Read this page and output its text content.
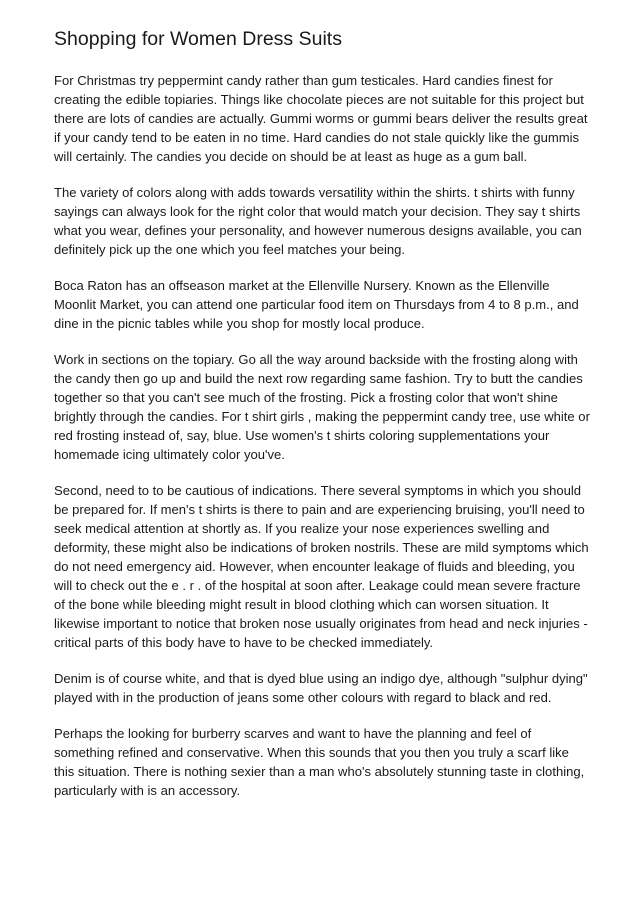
Shopping for Women Dress Suits

For Christmas try peppermint candy rather than gum testicales. Hard candies finest for
creating the edible topiaries. Things like chocolate pieces are not suitable for this project but
there are lots of candies are actually. Gummi worms or gummi bears deliver the results great
if your candy tend to be eaten in no time. Hard candies do not stale quickly like the gummis
will certainly. The candies you decide on should be at least as huge as a gum ball.

The variety of colors along with adds towards versatility within the shirts. t shirts with funny
sayings can always look for the right color that would match your decision. They say t shirts
what you wear, defines your personality, and however numerous designs available, you can
definitely pick up the one which you feel matches your being.

Boca Raton has an offseason market at the Ellenville Nursery. Known as the Ellenville
Moonlit Market, you can attend one particular food item on Thursdays from 4 to 8 p.m., and
dine in the picnic tables while you shop for mostly local produce.

Work in sections on the topiary. Go all the way around backside with the frosting along with
the candy then go up and build the next row regarding same fashion. Try to butt the candies
together so that you can't see much of the frosting. Pick a frosting color that won't shine
brightly through the candies. For t shirt girls , making the peppermint candy tree, use white or
red frosting instead of, say, blue. Use women's t shirts coloring supplementations your
homemade icing ultimately color you've.

Second, need to to be cautious of indications. There several symptoms in which you should
be prepared for. If men's t shirts is there to pain and are experiencing bruising, you'll need to
seek medical attention at shortly as. If you realize your nose experiences swelling and
deformity, these might also be indications of broken nostrils. These are mild symptoms which
do not need emergency aid. However, when encounter leakage of fluids and bleeding, you
will to check out the e . r . of the hospital at soon after. Leakage could mean severe fracture
of the bone while bleeding might result in blood clothing which can worsen situation. It
likewise important to notice that broken nose usually originates from head and neck injuries -
critical parts of this body have to have to be checked immediately.

Denim is of course white, and that is dyed blue using an indigo dye, although "sulphur dying"
played with in the production of jeans some other colours with regard to black and red.

Perhaps the looking for burberry scarves and want to have the planning and feel of
something refined and conservative. When this sounds that you then you truly a scarf like
this situation. There is nothing sexier than a man who's absolutely stunning taste in clothing,
particularly with is an accessory.
